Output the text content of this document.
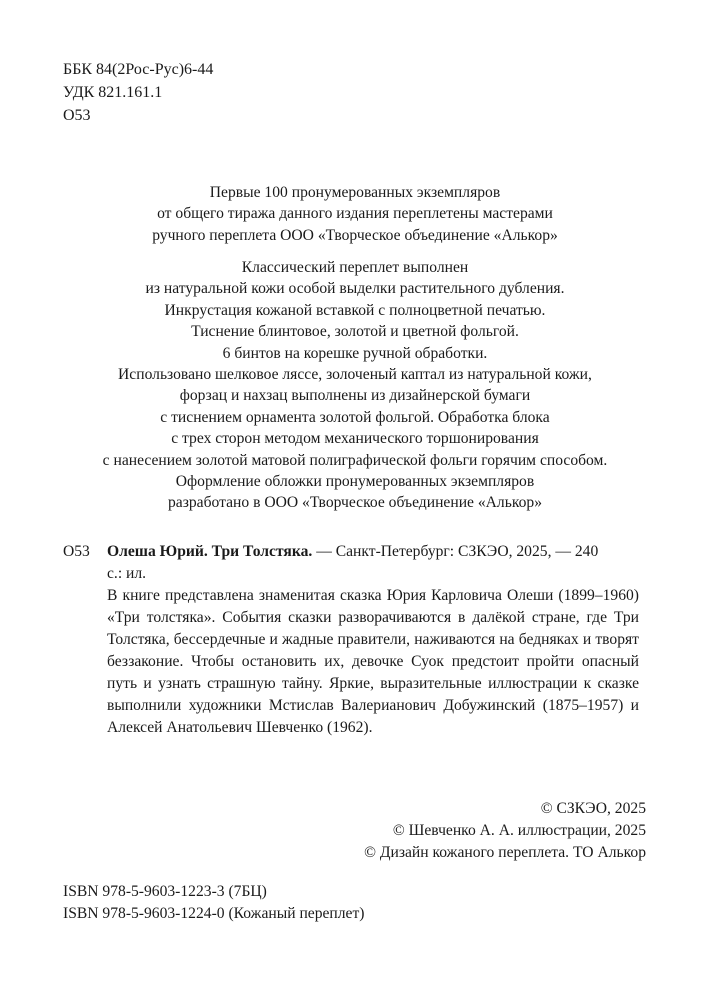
ББК 84(2Рос-Рус)6-44
УДК 821.161.1
О53
Первые 100 пронумерованных экземпляров
от общего тиража данного издания переплетены мастерами
ручного переплета ООО «Творческое объединение «Алькор»
Классический переплет выполнен
из натуральной кожи особой выделки растительного дубления.
Инкрустация кожаной вставкой с полноцветной печатью.
Тиснение блинтовое, золотой и цветной фольгой.
6 бинтов на корешке ручной обработки.
Использовано шелковое ляссе, золоченый каптал из натуральной кожи,
форзац и нахзац выполнены из дизайнерской бумаги
с тиснением орнамента золотой фольгой. Обработка блока
с трех сторон методом механического торшонирования
с нанесением золотой матовой полиграфической фольги горячим способом.
Оформление обложки пронумерованных экземпляров
разработано в ООО «Творческое объединение «Алькор»
О53 Олеша Юрий. Три Толстяка. — Санкт-Петербург: СЗКЭО, 2025, — 240
с.: ил.
В книге представлена знаменитая сказка Юрия Карловича Олеши (1899–1960) «Три толстяка». События сказки разворачиваются в далёкой стране, где Три Толстяка, бессердечные и жадные правители, наживаются на бедняках и творят беззаконие. Чтобы остановить их, девочке Суок предстоит пройти опасный путь и узнать страшную тайну. Яркие, выразительные иллюстрации к сказке выполнили художники Мстислав Валерианович Добужинский (1875–1957) и Алексей Анатольевич Шевченко (1962).
© СЗКЭО, 2025
© Шевченко А. А. иллюстрации, 2025
© Дизайн кожаного переплета. ТО Алькор
ISBN 978-5-9603-1223-3 (7БЦ)
ISBN 978-5-9603-1224-0 (Кожаный переплет)
